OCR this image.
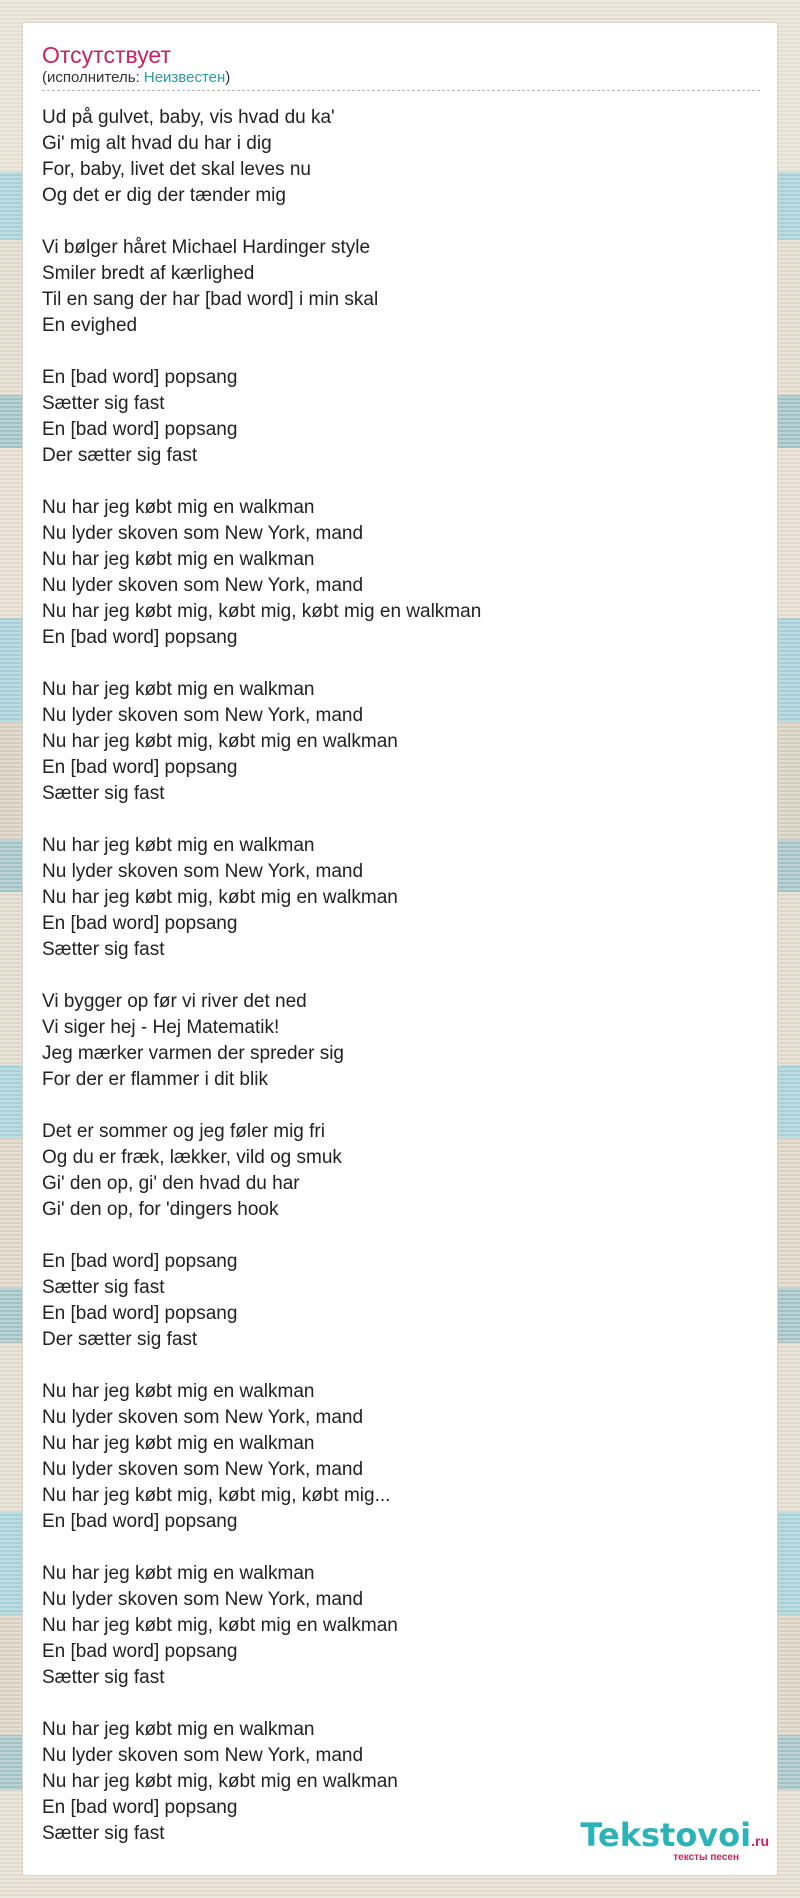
Отсутствует
(исполнитель: Неизвестен)
Ud på gulvet, baby, vis hvad du ka'
Gi' mig alt hvad du har i dig
For, baby, livet det skal leves nu
Og det er dig der tænder mig
Vi bølger håret Michael Hardinger style
Smiler bredt af kærlighed
Til en sang der har [bad word] i min skal
En evighed
En [bad word] popsang
Sætter sig fast
En [bad word] popsang
Der sætter sig fast
Nu har jeg købt mig en walkman
Nu lyder skoven som New York, mand
Nu har jeg købt mig en walkman
Nu lyder skoven som New York, mand
Nu har jeg købt mig, købt mig, købt mig en walkman
En [bad word] popsang
Nu har jeg købt mig en walkman
Nu lyder skoven som New York, mand
Nu har jeg købt mig, købt mig en walkman
En [bad word] popsang
Sætter sig fast
Nu har jeg købt mig en walkman
Nu lyder skoven som New York, mand
Nu har jeg købt mig, købt mig en walkman
En [bad word] popsang
Sætter sig fast
Vi bygger op før vi river det ned
Vi siger hej - Hej Matematik!
Jeg mærker varmen der spreder sig
For der er flammer i dit blik
Det er sommer og jeg føler mig fri
Og du er fræk, lækker, vild og smuk
Gi' den op, gi' den hvad du har
Gi' den op, for 'dingers hook
En [bad word] popsang
Sætter sig fast
En [bad word] popsang
Der sætter sig fast
Nu har jeg købt mig en walkman
Nu lyder skoven som New York, mand
Nu har jeg købt mig en walkman
Nu lyder skoven som New York, mand
Nu har jeg købt mig, købt mig, købt mig...
En [bad word] popsang
Nu har jeg købt mig en walkman
Nu lyder skoven som New York, mand
Nu har jeg købt mig, købt mig en walkman
En [bad word] popsang
Sætter sig fast
Nu har jeg købt mig en walkman
Nu lyder skoven som New York, mand
Nu har jeg købt mig, købt mig en walkman
En [bad word] popsang
Sætter sig fast	Tekstovoi.ru
тексты песен
